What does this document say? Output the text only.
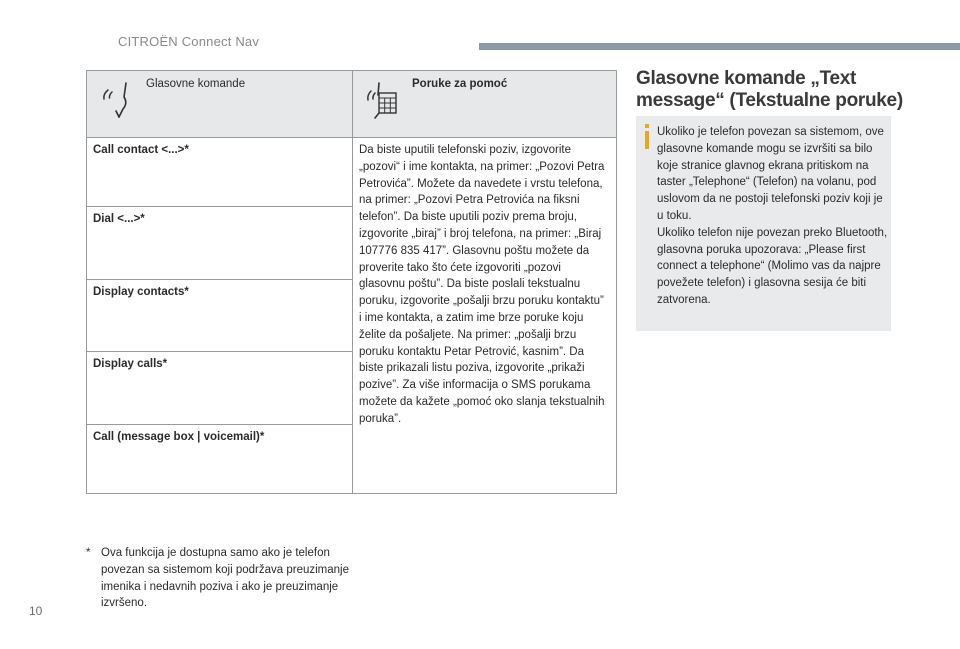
CITROËN Connect Nav
Glasovne komande	Poruke za pomoć

Call contact <...>*	Da biste uputili telefonski poziv, izgovorite „pozovi“ i ime kontakta, na primer: „Pozovi Petra Petrovića”. Možete da navedete i vrstu telefona, na primer: „Pozovi Petra Petrovića na fiksni telefon”. Da biste uputili poziv prema broju, izgovorite „biraj” i broj telefona, na primer: „Biraj 107776 835 417”. Glasovnu poštu možete da proverite tako što ćete izgovoriti „pozovi glasovnu poštu”. Da biste poslali tekstualnu poruku, izgovorite „pošalji brzu poruku kontaktu” i ime kontakta, a zatim ime brze poruke koju želite da pošaljete. Na primer: „pošalji brzu poruku kontaktu Petar Petrović, kasnim”. Da biste prikazali listu poziva, izgovorite „prikaži pozive”. Za više informacija o SMS porukama možete da kažete „pomoć oko slanja tekstualnih poruka”.
Dial <...>*	
Display contacts*	
Display calls*	
Call (message box | voicemail)*	
* Ova funkcija je dostupna samo ako je telefon povezan sa sistemom koji podržava preuzimanje imenika i nedavnih poziva i ako je preuzimanje izvršeno.
Glasovne komande „Text message“ (Tekstualne poruke)

Ukoliko je telefon povezan sa sistemom, ove glasovne komande mogu se izvršiti sa bilo koje stranice glavnog ekrana pritiskom na taster „Telephone“ (Telefon) na volanu, pod uslovom da ne postoji telefonski poziv koji je u toku.

Ukoliko telefon nije povezan preko Bluetooth, glasovna poruka upozorava: „Please first connect a telephone“ (Molimo vas da najpre povežete telefon) i glasovna sesija će biti zatvorena.

10
